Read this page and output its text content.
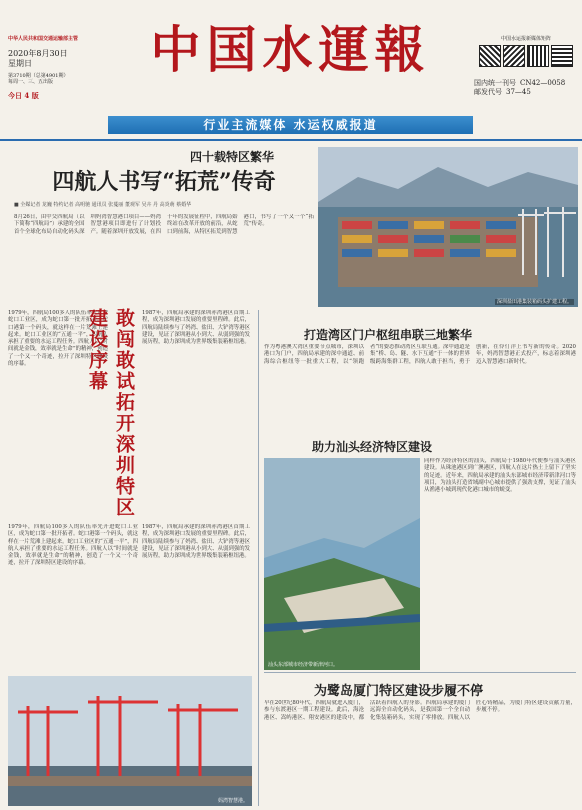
中华人民共和国交通运输部主管
2020年8月30日
星期日
第3710期（总第4901期）
每周一、三、五出版
今日 4 版
中国水運報	中国水运报新媒体矩阵
国内统一刊号 CN42—0058
邮发代号 37—45
行业主流媒体 水运权威报道
四十载特区繁华
四航人书写“拓荒”传奇
■ 全媒记者 龙巍 特约记者 高明驰 通讯员 张蔓丽 董观军 吴卉 丹 高炎萌 蔡婚华
8月26日，由中交四航局（以下简称“四航局”）承建的全国首个全球化布局自动化码头深圳妈湾智慧港口项目——妈湾智慧港项目即进行了计划投产。随着深圳开放发展，在四十年的发展征程中，四航局始终站在改革开放的前沿，从蛇口到前海，从特区拓荒到智慧港口，书写了一个又一个“拓荒”传奇。
深圳盐田港集装箱码头扩建工程。
1979年，四航局100多人的队伍率先开进蛇口工业区，成为蛇口第一批开拓者。蛇口港第一个码头，就这样在一片荒滩上建起来。蛇口工业区的“五通一平”，四航人承担了重要的水运工程任务。四航人以“时间就是金钱，效率就是生命”的精神，创造了一个又一个奇迹，拉开了深圳特区建设的序幕。	敢闯敢试拓开深圳特区建设序幕	1987年，四航局承建的深圳赤湾港区首期工程，成为深圳港口发展的重要里程碑。此后，四航局陆续参与了妈湾、盐田、大铲湾等港区建设，见证了深圳港从小到大、从弱到强的发展历程，助力深圳成为世界级集装箱枢纽港。
1987年，四航局承建的深圳赤湾港区首期工程，成为深圳港口发展的重要里程碑。此后，四航局陆续参与了妈湾、盐田、大铲湾等港区建设，见证了深圳港从小到大、从弱到强的发展历程，助力深圳成为世界级集装箱枢纽港。
1979年，四航局100多人的队伍率先开进蛇口工业区，成为蛇口第一批开拓者。蛇口港第一个码头，就这样在一片荒滩上建起来。蛇口工业区的“五通一平”，四航人承担了重要的水运工程任务。四航人以“时间就是金钱，效率就是生命”的精神，创造了一个又一个奇迹，拉开了深圳特区建设的序幕。
妈湾智慧港。
打造湾区门户枢纽串联三地繁华
作为粤港澳大湾区重要节点城市，深圳以港口为门户，四航局承建的深中通道、前海综合枢纽等一批重大工程，以“领跑者”的姿态推动湾区互联互通。深中通道是集“桥、岛、隧、水下互通”于一体的世界级跨海集群工程，四航人敢于担当，勇于创新，在伶仃洋上书写新的传奇。2020年，妈湾智慧港正式投产，标志着深圳港迈入智慧港口新时代。
助力汕头经济特区建设
汕头东部城市经济带新津河口。
同样作为经济特区的汕头，四航局于1980年代便参与汕头港区建设。从珠池港区到广澳港区，四航人在这片热土上留下了坚实的足迹。近年来，四航局承建的汕头东部城市经济带新津河口等项目，为汕头打造省域副中心城市提供了强劲支撑，见证了汕头从渔港小城到现代化港口城市的蜕变。
为鹭岛厦门特区建设步履不停
早在20世纪80年代，四航局就进入厦门，参与东渡港区一期工程建设。此后，海沧港区、嵩屿港区、翔安港区的建设中，都活跃着四航人的身影。四航局承建的厦门远海全自动化码头，是我国第一个全自动化集装箱码头，实现了零排放。四航人以匠心铸精品，为厦门特区建设贡献力量，步履不停。
